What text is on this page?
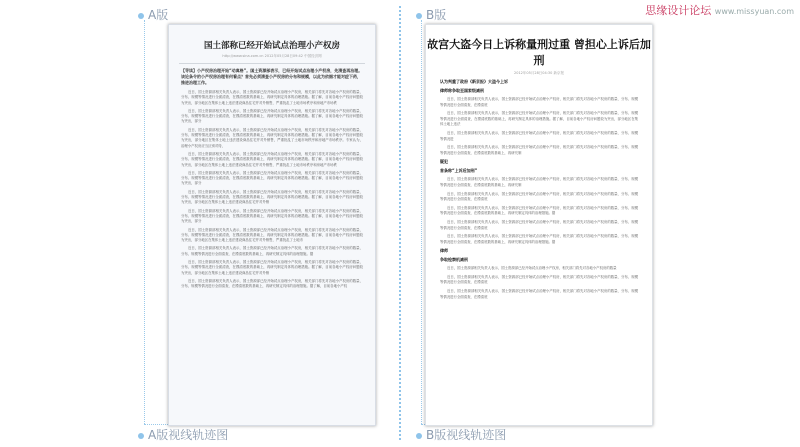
思缘设计论坛 www.missyuan.com
A版	B版
A版视线轨迹图	B版视线轨迹图
国土部称已经开始试点治理小产权房
http://www.sina.com.cn 2012年05月28日09:42 中国经济网
【导读】小产权房治理开始“动真格”。国土资源部表示，已经开始试点治理小产权房，先清查再治理。该论条令的小产权房治理有何看点？首先必须清查小产权房的分布和规模，以此为依据才能对症下药，推进治理工作。
近日，国土资源部相关负责人表示，国土资源部已经开始试点治理小产权房，相关部门将先对各地小产权房的数量、分布、规模等情况进行全面清查，在摸清底数的基础上，再研究制定具体的治理措施。据了解，目前各地小产权房问题较为突出，部分地区在集体土地上违法建设商品住宅并对外销售，严重扰乱了土地市场秩序和房地产市场秩
近日，国土资源部相关负责人表示，国土资源部已经开始试点治理小产权房，相关部门将先对各地小产权房的数量、分布、规模等情况进行全面清查，在摸清底数的基础上，再研究制定具体的治理措施。据了解，目前各地小产权房问题较为突出，部分
近日，国土资源部相关负责人表示，国土资源部已经开始试点治理小产权房，相关部门将先对各地小产权房的数量、分布、规模等情况进行全面清查，在摸清底数的基础上，再研究制定具体的治理措施。据了解，目前各地小产权房问题较为突出，部分地区在集体土地上违法建设商品住宅并对外销售，严重扰乱了土地市场秩序和房地产市场秩序。专家认为，治理小产权房应当区别对待，
近日，国土资源部相关负责人表示，国土资源部已经开始试点治理小产权房，相关部门将先对各地小产权房的数量、分布、规模等情况进行全面清查，在摸清底数的基础上，再研究制定具体的治理措施。据了解，目前各地小产权房问题较为突出，部分地区在集体土地上违法建设商品住宅并对外销售，严重扰乱了土地市场秩序和房地产市场秩
近日，国土资源部相关负责人表示，国土资源部已经开始试点治理小产权房，相关部门将先对各地小产权房的数量、分布、规模等情况进行全面清查，在摸清底数的基础上，再研究制定具体的治理措施。据了解，目前各地小产权房问题较为突出，部分
近日，国土资源部相关负责人表示，国土资源部已经开始试点治理小产权房，相关部门将先对各地小产权房的数量、分布、规模等情况进行全面清查，在摸清底数的基础上，再研究制定具体的治理措施。据了解，目前各地小产权房问题较为突出，部分地区在集体土地上违法建设商品住宅并对外销
近日，国土资源部相关负责人表示，国土资源部已经开始试点治理小产权房，相关部门将先对各地小产权房的数量、分布、规模等情况进行全面清查，在摸清底数的基础上，再研究制定具体的治理措施。据了解，目前各地小产权房问题较为突出，部分
近日，国土资源部相关负责人表示，国土资源部已经开始试点治理小产权房，相关部门将先对各地小产权房的数量、分布、规模等情况进行全面清查，在摸清底数的基础上，再研究制定具体的治理措施。据了解，目前各地小产权房问题较为突出，部分地区在集体土地上违法建设商品住宅并对外销售，严重扰乱了土地市
近日，国土资源部相关负责人表示，国土资源部已经开始试点治理小产权房，相关部门将先对各地小产权房的数量、分布、规模等情况进行全面清查，在摸清底数的基础上，再研究制定具体的治理措施。据
近日，国土资源部相关负责人表示，国土资源部已经开始试点治理小产权房，相关部门将先对各地小产权房的数量、分布、规模等情况进行全面清查，在摸清底数的基础上，再研究制定具体的治理措施。据了解，目前各地小产权房问题较为突出，部分地区在集体土地上违法建设商品住宅并对外销
近日，国土资源部相关负责人表示，国土资源部已经开始试点治理小产权房，相关部门将先对各地小产权房的数量、分布、规模等情况进行全面清查，在摸清底数的基础上，再研究制定具体的治理措施。据了解，目前各地小产权
故宫大盗今日上诉称量刑过重 曾担心上诉后加刑
2012年05月28日04:30 新京报
认为判重了政府《新京报》大盗今上诉
律师称争取至国家级减刑
近日，国土资源部相关负责人表示，国土资源部已经开始试点治理小产权房，相关部门将先对各地小产权房的数量、分布、规模等情况进行全面清查，在摸清底
近日，国土资源部相关负责人表示，国土资源部已经开始试点治理小产权房，相关部门将先对各地小产权房的数量、分布、规模等情况进行全面清查，在摸清底数的基础上，再研究制定具体的治理措施。据了解，目前各地小产权房问题较为突出，部分地区在集体土地上违法
近日，国土资源部相关负责人表示，国土资源部已经开始试点治理小产权房，相关部门将先对各地小产权房的数量、分布、规模等情况进
近日，国土资源部相关负责人表示，国土资源部已经开始试点治理小产权房，相关部门将先对各地小产权房的数量、分布、规模等情况进行全面清查，在摸清底数的基础上，再研究制
疑犯
首条称“上诉后加刑”
近日，国土资源部相关负责人表示，国土资源部已经开始试点治理小产权房，相关部门将先对各地小产权房的数量、分布、规模等情况进行全面清查，在摸清底数的基础上，再研究制
近日，国土资源部相关负责人表示，国土资源部已经开始试点治理小产权房，相关部门将先对各地小产权房的数量、分布、规模等情况进行全面清查，在摸清底
近日，国土资源部相关负责人表示，国土资源部已经开始试点治理小产权房，相关部门将先对各地小产权房的数量、分布、规模等情况进行全面清查，在摸清底数的基础上，再研究制定具体的治理措施。据
近日，国土资源部相关负责人表示，国土资源部已经开始试点治理小产权房，相关部门将先对各地小产权房的数量、分布、规模等情况进行全面清查，在摸清底
近日，国土资源部相关负责人表示，国土资源部已经开始试点治理小产权房，相关部门将先对各地小产权房的数量、分布、规模等情况进行全面清查，在摸清底数的基础上，再研究制定具体的治理措施。据
律师
争取检察机减刑
近日，国土资源部相关负责人表示，国土资源部已经开始试点治理小产权房，相关部门将先对各地小产权房的数量
近日，国土资源部相关负责人表示，国土资源部已经开始试点治理小产权房，相关部门将先对各地小产权房的数量、分布、规模等情况进行全面清查，在摸清底
近日，国土资源部相关负责人表示，国土资源部已经开始试点治理小产权房，相关部门将先对各地小产权房的数量、分布、规模等情况进行全面清查，在摸清底
